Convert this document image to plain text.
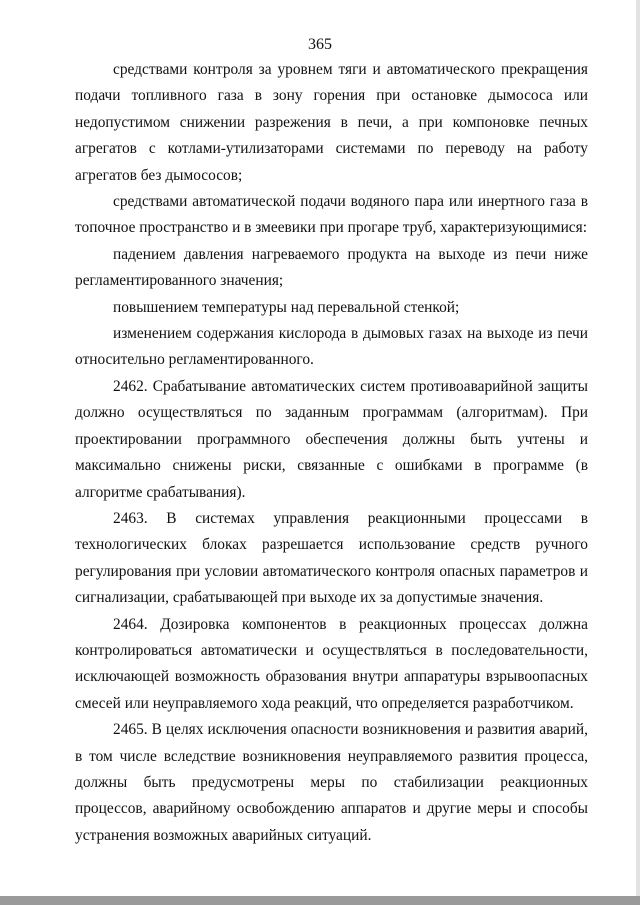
365

средствами контроля за уровнем тяги и автоматического прекращения подачи топливного газа в зону горения при остановке дымососа или недопустимом снижении разрежения в печи, а при компоновке печных агрегатов с котлами-утилизаторами системами по переводу на работу агрегатов без дымососов;

средствами автоматической подачи водяного пара или инертного газа в топочное пространство и в змеевики при прогаре труб, характеризующимися:

падением давления нагреваемого продукта на выходе из печи ниже регламентированного значения;

повышением температуры над перевальной стенкой;

изменением содержания кислорода в дымовых газах на выходе из печи относительно регламентированного.

2462. Срабатывание автоматических систем противоаварийной защиты должно осуществляться по заданным программам (алгоритмам). При проектировании программного обеспечения должны быть учтены и максимально снижены риски, связанные с ошибками в программе (в алгоритме срабатывания).

2463. В системах управления реакционными процессами в технологических блоках разрешается использование средств ручного регулирования при условии автоматического контроля опасных параметров и сигнализации, срабатывающей при выходе их за допустимые значения.

2464. Дозировка компонентов в реакционных процессах должна контролироваться автоматически и осуществляться в последовательности, исключающей возможность образования внутри аппаратуры взрывоопасных смесей или неуправляемого хода реакций, что определяется разработчиком.

2465. В целях исключения опасности возникновения и развития аварий, в том числе вследствие возникновения неуправляемого развития процесса, должны быть предусмотрены меры по стабилизации реакционных процессов, аварийному освобождению аппаратов и другие меры и способы устранения возможных аварийных ситуаций.
